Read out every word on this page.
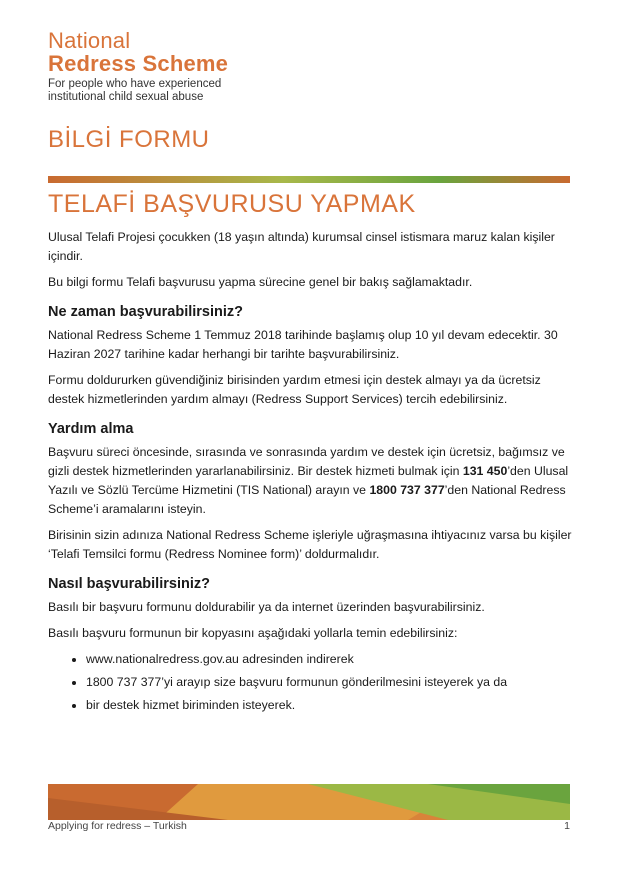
National
Redress Scheme
For people who have experienced
institutional child sexual abuse
BİLGİ FORMU
TELAFİ BAŞVURUSU YAPMAK

Ulusal Telafi Projesi çocukken (18 yaşın altında) kurumsal cinsel istismara maruz kalan kişiler içindir.

Bu bilgi formu Telafi başvurusu yapma sürecine genel bir bakış sağlamaktadır.

Ne zaman başvurabilirsiniz?

National Redress Scheme 1 Temmuz 2018 tarihinde başlamış olup 10 yıl devam edecektir. 30 Haziran 2027 tarihine kadar herhangi bir tarihte başvurabilirsiniz.

Formu doldururken güvendiğiniz birisinden yardım etmesi için destek almayı ya da ücretsiz destek hizmetlerinden yardım almayı (Redress Support Services) tercih edebilirsiniz.

Yardım alma

Başvuru süreci öncesinde, sırasında ve sonrasında yardım ve destek için ücretsiz, bağımsız ve gizli destek hizmetlerinden yararlanabilirsiniz. Bir destek hizmeti bulmak için 131 450’den Ulusal Yazılı ve Sözlü Tercüme Hizmetini (TIS National) arayın ve 1800 737 377’den National Redress Scheme’i aramalarını isteyin.

Birisinin sizin adınıza National Redress Scheme işleriyle uğraşmasına ihtiyacınız varsa bu kişiler ‘Telafi Temsilci formu (Redress Nominee form)’ doldurmalıdır.

Nasıl başvurabilirsiniz?

Basılı bir başvuru formunu doldurabilir ya da internet üzerinden başvurabilirsiniz.

Basılı başvuru formunun bir kopyasını aşağıdaki yollarla temin edebilirsiniz:

• www.nationalredress.gov.au adresinden indirerek
• 1800 737 377’yi arayıp size başvuru formunun gönderilmesini isteyerek ya da
• bir destek hizmet biriminden isteyerek.
Applying for redress – Turkish	1
